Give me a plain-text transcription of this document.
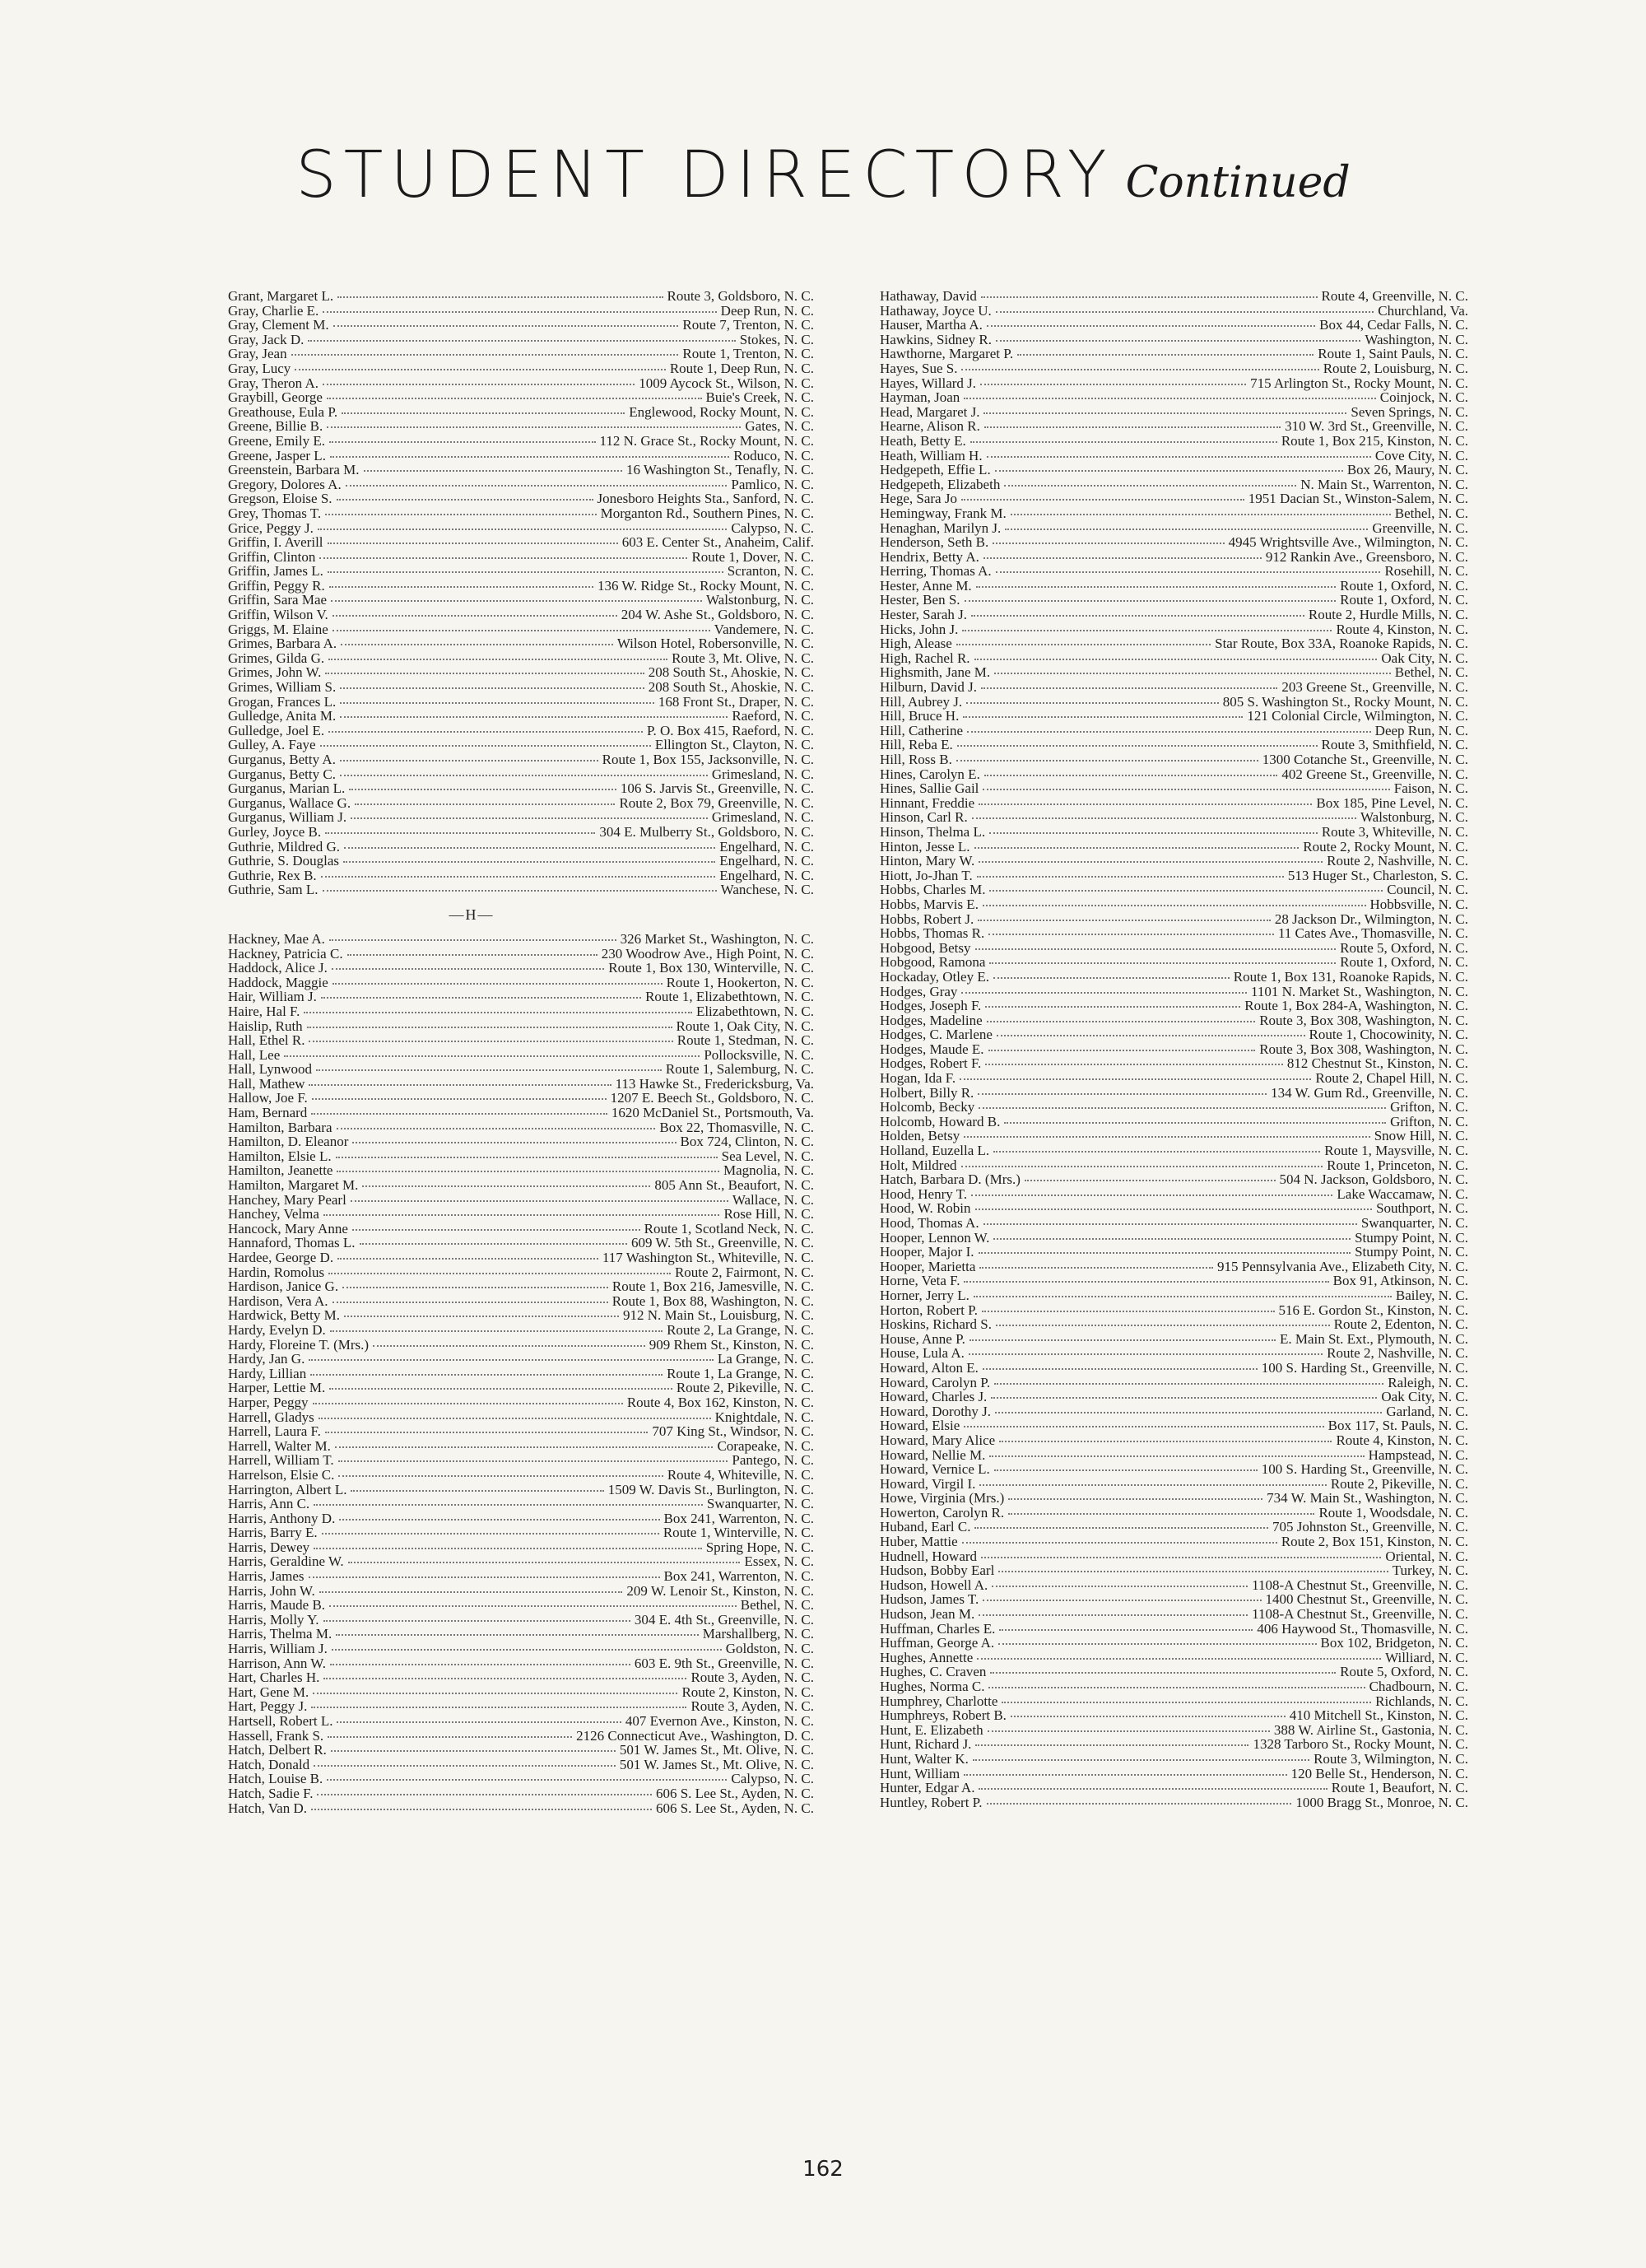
STUDENT DIRECTORY Continued
Grant, Margaret L.	Route 3, Goldsboro, N. C.
Gray, Charlie E.	Deep Run, N. C.
Gray, Clement M.	Route 7, Trenton, N. C.
Gray, Jack D.	Stokes, N. C.
Gray, Jean	Route 1, Trenton, N. C.
Gray, Lucy	Route 1, Deep Run, N. C.
Gray, Theron A.	1009 Aycock St., Wilson, N. C.
Graybill, George	Buie's Creek, N. C.
Greathouse, Eula P.	Englewood, Rocky Mount, N. C.
Greene, Billie B.	Gates, N. C.
Greene, Emily E.	112 N. Grace St., Rocky Mount, N. C.
Greene, Jasper L.	Roduco, N. C.
Greenstein, Barbara M.	16 Washington St., Tenafly, N. C.
Gregory, Dolores A.	Pamlico, N. C.
Gregson, Eloise S.	Jonesboro Heights Sta., Sanford, N. C.
Grey, Thomas T.	Morganton Rd., Southern Pines, N. C.
Grice, Peggy J.	Calypso, N. C.
Griffin, I. Averill	603 E. Center St., Anaheim, Calif.
Griffin, Clinton	Route 1, Dover, N. C.
Griffin, James L.	Scranton, N. C.
Griffin, Peggy R.	136 W. Ridge St., Rocky Mount, N. C.
Griffin, Sara Mae	Walstonburg, N. C.
Griffin, Wilson V.	204 W. Ashe St., Goldsboro, N. C.
Griggs, M. Elaine	Vandemere, N. C.
Grimes, Barbara A.	Wilson Hotel, Robersonville, N. C.
Grimes, Gilda G.	Route 3, Mt. Olive, N. C.
Grimes, John W.	208 South St., Ahoskie, N. C.
Grimes, William S.	208 South St., Ahoskie, N. C.
Grogan, Frances L.	168 Front St., Draper, N. C.
Gulledge, Anita M.	Raeford, N. C.
Gulledge, Joel E.	P. O. Box 415, Raeford, N. C.
Gulley, A. Faye	Ellington St., Clayton, N. C.
Gurganus, Betty A.	Route 1, Box 155, Jacksonville, N. C.
Gurganus, Betty C.	Grimesland, N. C.
Gurganus, Marian L.	106 S. Jarvis St., Greenville, N. C.
Gurganus, Wallace G.	Route 2, Box 79, Greenville, N. C.
Gurganus, William J.	Grimesland, N. C.
Gurley, Joyce B.	304 E. Mulberry St., Goldsboro, N. C.
Guthrie, Mildred G.	Engelhard, N. C.
Guthrie, S. Douglas	Engelhard, N. C.
Guthrie, Rex B.	Engelhard, N. C.
Guthrie, Sam L.	Wanchese, N. C.
—H—
Hackney, Mae A.	326 Market St., Washington, N. C.
Hackney, Patricia C.	230 Woodrow Ave., High Point, N. C.
Haddock, Alice J.	Route 1, Box 130, Winterville, N. C.
Haddock, Maggie	Route 1, Hookerton, N. C.
Hair, William J.	Route 1, Elizabethtown, N. C.
Haire, Hal F.	Elizabethtown, N. C.
Haislip, Ruth	Route 1, Oak City, N. C.
Hall, Ethel R.	Route 1, Stedman, N. C.
Hall, Lee	Pollocksville, N. C.
Hall, Lynwood	Route 1, Salemburg, N. C.
Hall, Mathew	113 Hawke St., Fredericksburg, Va.
Hallow, Joe F.	1207 E. Beech St., Goldsboro, N. C.
Ham, Bernard	1620 McDaniel St., Portsmouth, Va.
Hamilton, Barbara	Box 22, Thomasville, N. C.
Hamilton, D. Eleanor	Box 724, Clinton, N. C.
Hamilton, Elsie L.	Sea Level, N. C.
Hamilton, Jeanette	Magnolia, N. C.
Hamilton, Margaret M.	805 Ann St., Beaufort, N. C.
Hanchey, Mary Pearl	Wallace, N. C.
Hanchey, Velma	Rose Hill, N. C.
Hancock, Mary Anne	Route 1, Scotland Neck, N. C.
Hannaford, Thomas L.	609 W. 5th St., Greenville, N. C.
Hardee, George D.	117 Washington St., Whiteville, N. C.
Hardin, Romolus	Route 2, Fairmont, N. C.
Hardison, Janice G.	Route 1, Box 216, Jamesville, N. C.
Hardison, Vera A.	Route 1, Box 88, Washington, N. C.
Hardwick, Betty M.	912 N. Main St., Louisburg, N. C.
Hardy, Evelyn D.	Route 2, La Grange, N. C.
Hardy, Floreine T. (Mrs.)	909 Rhem St., Kinston, N. C.
Hardy, Jan G.	La Grange, N. C.
Hardy, Lillian	Route 1, La Grange, N. C.
Harper, Lettie M.	Route 2, Pikeville, N. C.
Harper, Peggy	Route 4, Box 162, Kinston, N. C.
Harrell, Gladys	Knightdale, N. C.
Harrell, Laura F.	707 King St., Windsor, N. C.
Harrell, Walter M.	Corapeake, N. C.
Harrell, William T.	Pantego, N. C.
Harrelson, Elsie C.	Route 4, Whiteville, N. C.
Harrington, Albert L.	1509 W. Davis St., Burlington, N. C.
Harris, Ann C.	Swanquarter, N. C.
Harris, Anthony D.	Box 241, Warrenton, N. C.
Harris, Barry E.	Route 1, Winterville, N. C.
Harris, Dewey	Spring Hope, N. C.
Harris, Geraldine W.	Essex, N. C.
Harris, James	Box 241, Warrenton, N. C.
Harris, John W.	209 W. Lenoir St., Kinston, N. C.
Harris, Maude B.	Bethel, N. C.
Harris, Molly Y.	304 E. 4th St., Greenville, N. C.
Harris, Thelma M.	Marshallberg, N. C.
Harris, William J.	Goldston, N. C.
Harrison, Ann W.	603 E. 9th St., Greenville, N. C.
Hart, Charles H.	Route 3, Ayden, N. C.
Hart, Gene M.	Route 2, Kinston, N. C.
Hart, Peggy J.	Route 3, Ayden, N. C.
Hartsell, Robert L.	407 Evernon Ave., Kinston, N. C.
Hassell, Frank S.	2126 Connecticut Ave., Washington, D. C.
Hatch, Delbert R.	501 W. James St., Mt. Olive, N. C.
Hatch, Donald	501 W. James St., Mt. Olive, N. C.
Hatch, Louise B.	Calypso, N. C.
Hatch, Sadie F.	606 S. Lee St., Ayden, N. C.
Hatch, Van D.	606 S. Lee St., Ayden, N. C.
Hathaway, David	Route 4, Greenville, N. C.
Hathaway, Joyce U.	Churchland, Va.
Hauser, Martha A.	Box 44, Cedar Falls, N. C.
Hawkins, Sidney R.	Washington, N. C.
Hawthorne, Margaret P.	Route 1, Saint Pauls, N. C.
Hayes, Sue S.	Route 2, Louisburg, N. C.
Hayes, Willard J.	715 Arlington St., Rocky Mount, N. C.
Hayman, Joan	Coinjock, N. C.
Head, Margaret J.	Seven Springs, N. C.
Hearne, Alison R.	310 W. 3rd St., Greenville, N. C.
Heath, Betty E.	Route 1, Box 215, Kinston, N. C.
Heath, William H.	Cove City, N. C.
Hedgepeth, Effie L.	Box 26, Maury, N. C.
Hedgepeth, Elizabeth	N. Main St., Warrenton, N. C.
Hege, Sara Jo	1951 Dacian St., Winston-Salem, N. C.
Hemingway, Frank M.	Bethel, N. C.
Henaghan, Marilyn J.	Greenville, N. C.
Henderson, Seth B.	4945 Wrightsville Ave., Wilmington, N. C.
Hendrix, Betty A.	912 Rankin Ave., Greensboro, N. C.
Herring, Thomas A.	Rosehill, N. C.
Hester, Anne M.	Route 1, Oxford, N. C.
Hester, Ben S.	Route 1, Oxford, N. C.
Hester, Sarah J.	Route 2, Hurdle Mills, N. C.
Hicks, John J.	Route 4, Kinston, N. C.
High, Alease	Star Route, Box 33A, Roanoke Rapids, N. C.
High, Rachel R.	Oak City, N. C.
Highsmith, Jane M.	Bethel, N. C.
Hilburn, David J.	203 Greene St., Greenville, N. C.
Hill, Aubrey J.	805 S. Washington St., Rocky Mount, N. C.
Hill, Bruce H.	121 Colonial Circle, Wilmington, N. C.
Hill, Catherine	Deep Run, N. C.
Hill, Reba E.	Route 3, Smithfield, N. C.
Hill, Ross B.	1300 Cotanche St., Greenville, N. C.
Hines, Carolyn E.	402 Greene St., Greenville, N. C.
Hines, Sallie Gail	Faison, N. C.
Hinnant, Freddie	Box 185, Pine Level, N. C.
Hinson, Carl R.	Walstonburg, N. C.
Hinson, Thelma L.	Route 3, Whiteville, N. C.
Hinton, Jesse L.	Route 2, Rocky Mount, N. C.
Hinton, Mary W.	Route 2, Nashville, N. C.
Hiott, Jo-Jhan T.	513 Huger St., Charleston, S. C.
Hobbs, Charles M.	Council, N. C.
Hobbs, Marvis E.	Hobbsville, N. C.
Hobbs, Robert J.	28 Jackson Dr., Wilmington, N. C.
Hobbs, Thomas R.	11 Cates Ave., Thomasville, N. C.
Hobgood, Betsy	Route 5, Oxford, N. C.
Hobgood, Ramona	Route 1, Oxford, N. C.
Hockaday, Otley E.	Route 1, Box 131, Roanoke Rapids, N. C.
Hodges, Gray	1101 N. Market St., Washington, N. C.
Hodges, Joseph F.	Route 1, Box 284-A, Washington, N. C.
Hodges, Madeline	Route 3, Box 308, Washington, N. C.
Hodges, C. Marlene	Route 1, Chocowinity, N. C.
Hodges, Maude E.	Route 3, Box 308, Washington, N. C.
Hodges, Robert F.	812 Chestnut St., Kinston, N. C.
Hogan, Ida F.	Route 2, Chapel Hill, N. C.
Holbert, Billy R.	134 W. Gum Rd., Greenville, N. C.
Holcomb, Becky	Grifton, N. C.
Holcomb, Howard B.	Grifton, N. C.
Holden, Betsy	Snow Hill, N. C.
Holland, Euzella L.	Route 1, Maysville, N. C.
Holt, Mildred	Route 1, Princeton, N. C.
Hatch, Barbara D. (Mrs.)	504 N. Jackson, Goldsboro, N. C.
Hood, Henry T.	Lake Waccamaw, N. C.
Hood, W. Robin	Southport, N. C.
Hood, Thomas A.	Swanquarter, N. C.
Hooper, Lennon W.	Stumpy Point, N. C.
Hooper, Major I.	Stumpy Point, N. C.
Hooper, Marietta	915 Pennsylvania Ave., Elizabeth City, N. C.
Horne, Veta F.	Box 91, Atkinson, N. C.
Horner, Jerry L.	Bailey, N. C.
Horton, Robert P.	516 E. Gordon St., Kinston, N. C.
Hoskins, Richard S.	Route 2, Edenton, N. C.
House, Anne P.	E. Main St. Ext., Plymouth, N. C.
House, Lula A.	Route 2, Nashville, N. C.
Howard, Alton E.	100 S. Harding St., Greenville, N. C.
Howard, Carolyn P.	Raleigh, N. C.
Howard, Charles J.	Oak City, N. C.
Howard, Dorothy J.	Garland, N. C.
Howard, Elsie	Box 117, St. Pauls, N. C.
Howard, Mary Alice	Route 4, Kinston, N. C.
Howard, Nellie M.	Hampstead, N. C.
Howard, Vernice L.	100 S. Harding St., Greenville, N. C.
Howard, Virgil I.	Route 2, Pikeville, N. C.
Howe, Virginia (Mrs.)	734 W. Main St., Washington, N. C.
Howerton, Carolyn R.	Route 1, Woodsdale, N. C.
Huband, Earl C.	705 Johnston St., Greenville, N. C.
Huber, Mattie	Route 2, Box 151, Kinston, N. C.
Hudnell, Howard	Oriental, N. C.
Hudson, Bobby Earl	Turkey, N. C.
Hudson, Howell A.	1108-A Chestnut St., Greenville, N. C.
Hudson, James T.	1400 Chestnut St., Greenville, N. C.
Hudson, Jean M.	1108-A Chestnut St., Greenville, N. C.
Huffman, Charles E.	406 Haywood St., Thomasville, N. C.
Huffman, George A.	Box 102, Bridgeton, N. C.
Hughes, Annette	Williard, N. C.
Hughes, C. Craven	Route 5, Oxford, N. C.
Hughes, Norma C.	Chadbourn, N. C.
Humphrey, Charlotte	Richlands, N. C.
Humphreys, Robert B.	410 Mitchell St., Kinston, N. C.
Hunt, E. Elizabeth	388 W. Airline St., Gastonia, N. C.
Hunt, Richard J.	1328 Tarboro St., Rocky Mount, N. C.
Hunt, Walter K.	Route 3, Wilmington, N. C.
Hunt, William	120 Belle St., Henderson, N. C.
Hunter, Edgar A.	Route 1, Beaufort, N. C.
Huntley, Robert P.	1000 Bragg St., Monroe, N. C.
162
